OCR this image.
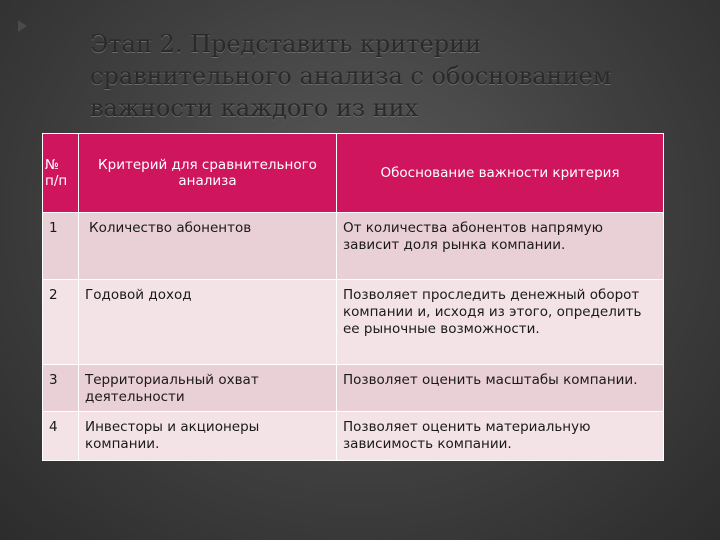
Этап 2. Представить критерии сравнительного анализа с обоснованием важности каждого из них
№ п/п	Критерий для сравнительного анализа	Обоснование важности критерия
1	Количество абонентов	От количества абонентов напрямую зависит доля рынка компании.
2	Годовой доход	Позволяет проследить денежный оборот компании и, исходя из этого, определить ее рыночные возможности.
3	Территориальный охват деятельности	Позволяет оценить масштабы компании.
4	Инвесторы и акционеры компании.	Позволяет оценить материальную зависимость компании.
